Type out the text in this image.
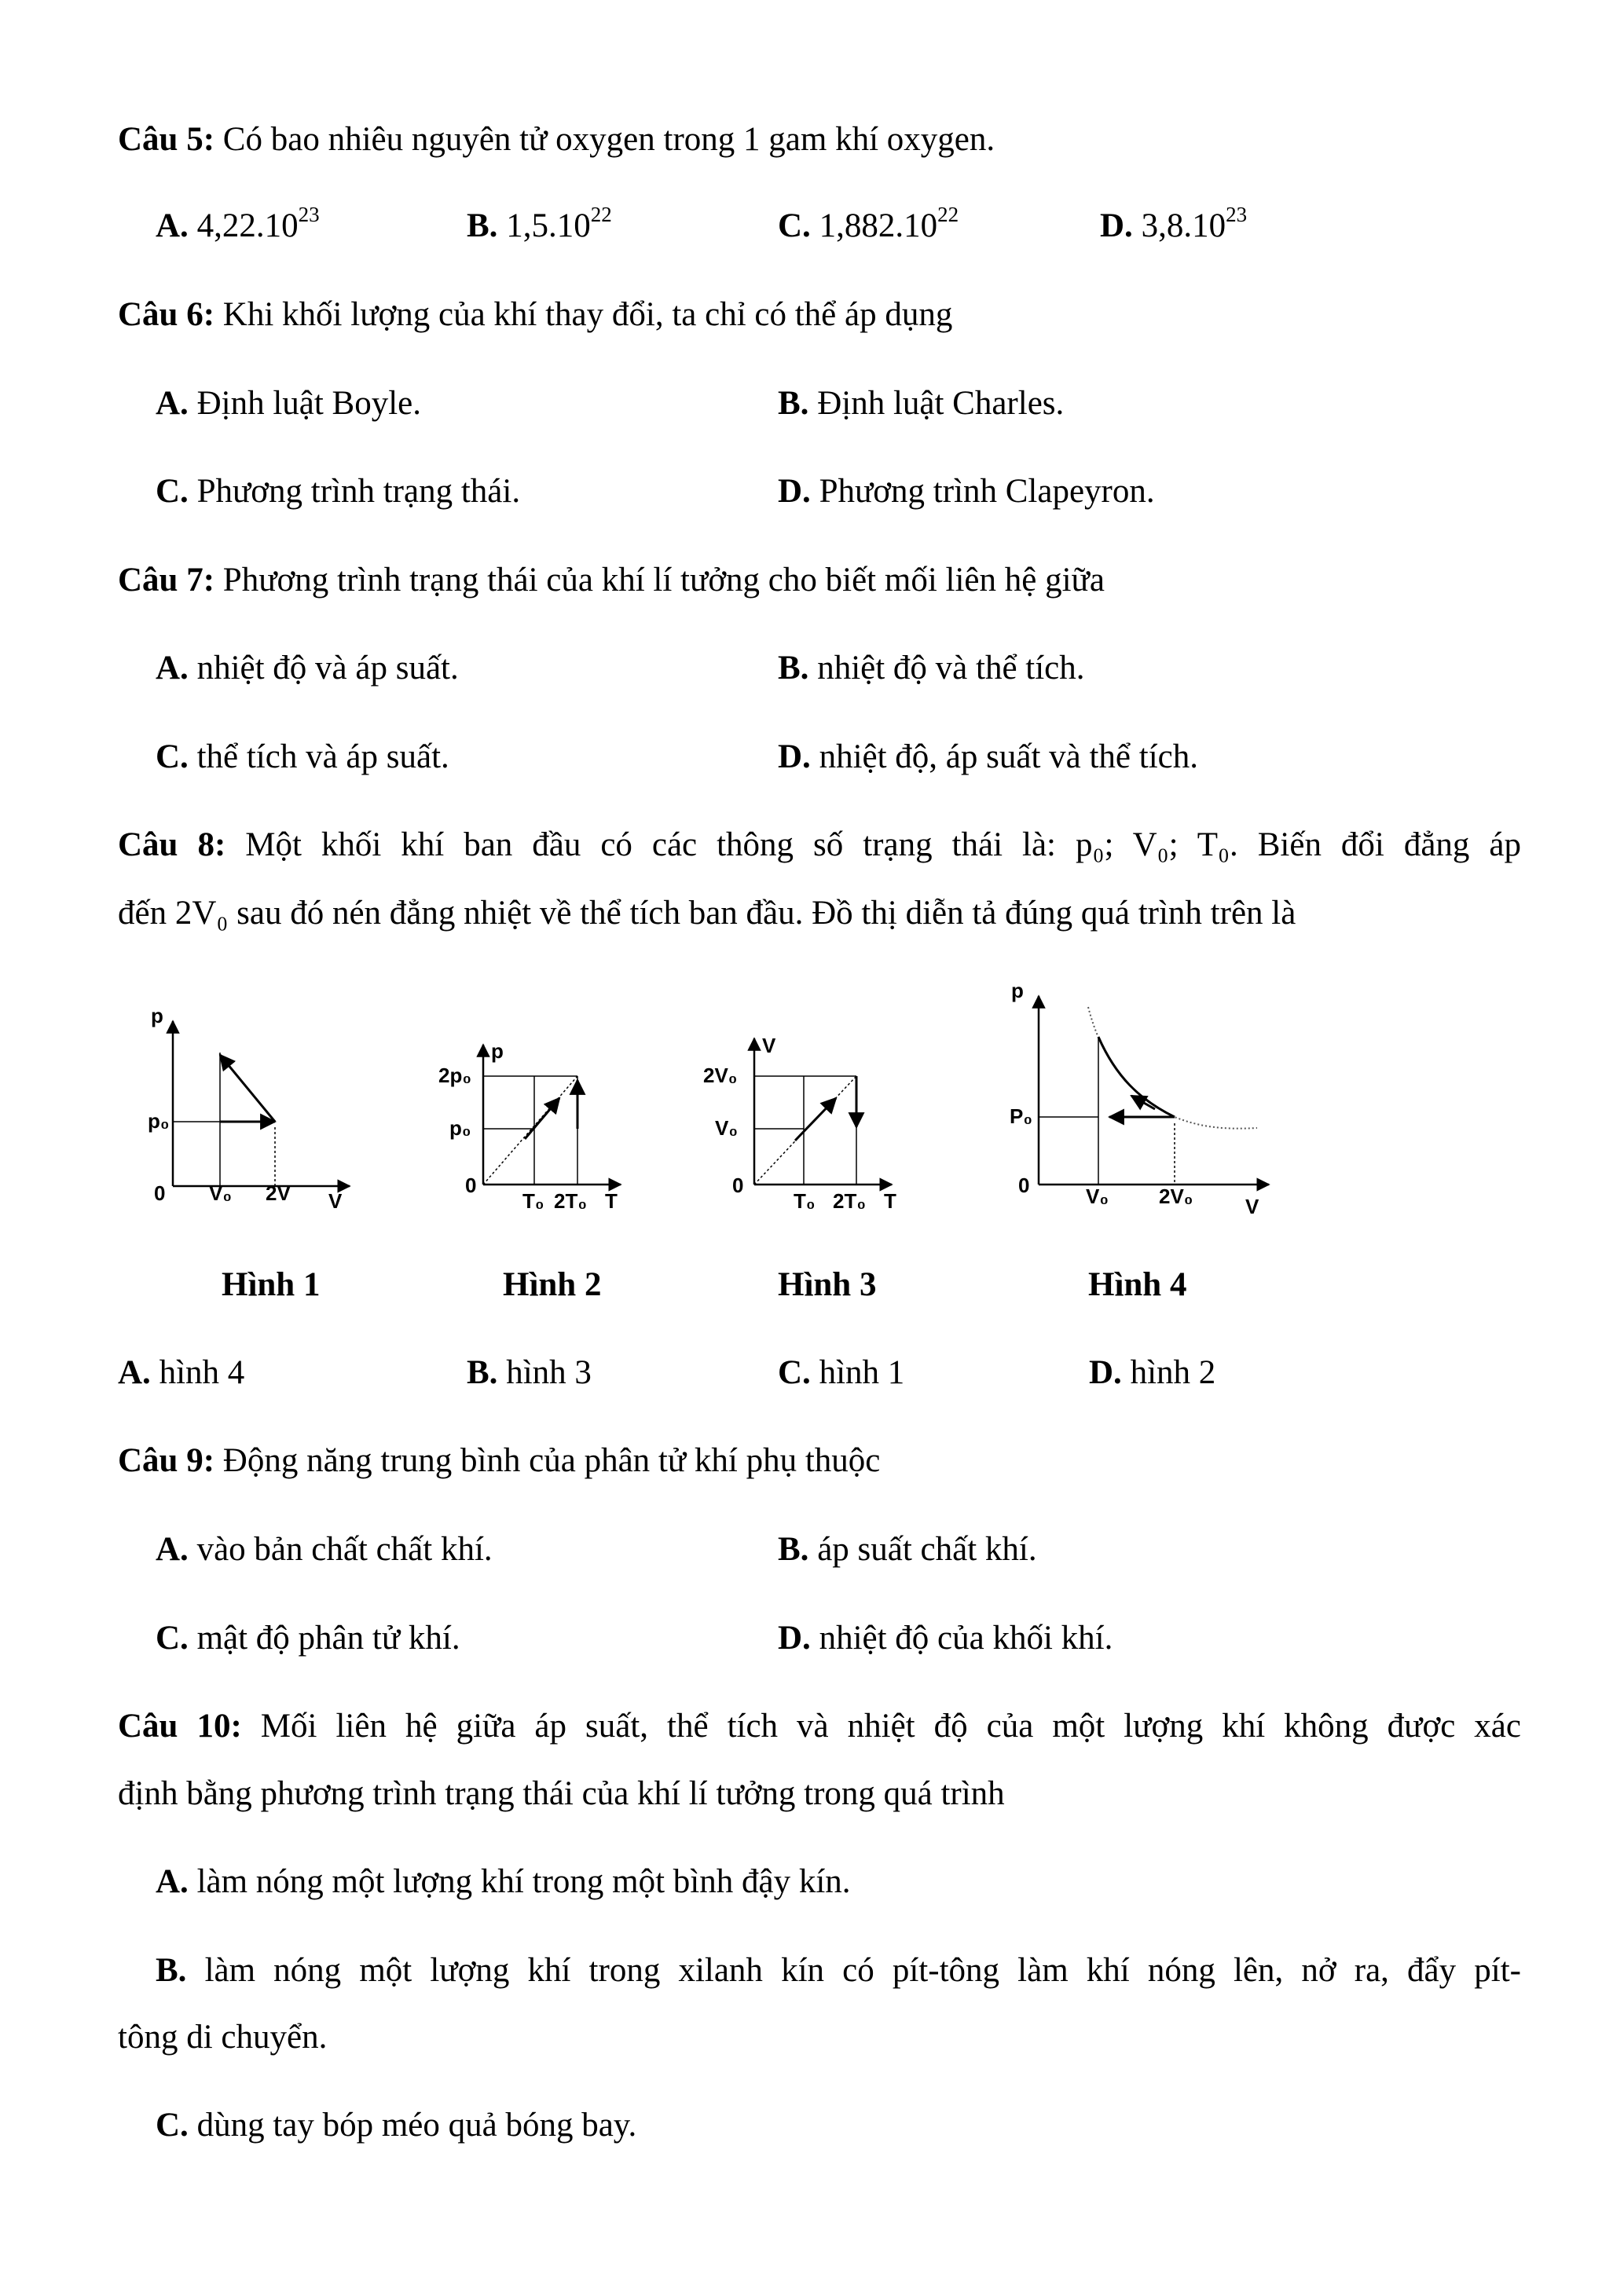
Câu 5: Có bao nhiêu nguyên tử oxygen trong 1 gam khí oxygen.
A. 4,22.10$^{23}$	B. 1,5.10$^{22}$	C. 1,882.10$^{22}$	D. 3,8.10$^{23}$
Câu 6: Khi khối lượng của khí thay đổi, ta chỉ có thể áp dụng
A. Định luật Boyle.	B. Định luật Charles.
C. Phương trình trạng thái.	D. Phương trình Clapeyron.
Câu 7: Phương trình trạng thái của khí lí tưởng cho biết mối liên hệ giữa
A. nhiệt độ và áp suất.	B. nhiệt độ và thể tích.
C. thể tích và áp suất.	D. nhiệt độ, áp suất và thể tích.
Câu 8: Một khối khí ban đầu có các thông số trạng thái là: p₀; V₀; T₀. Biến đổi đẳng áp
đến 2V₀ sau đó nén đẳng nhiệt về thể tích ban đầu. Đồ thị diễn tả đúng quá trình trên là
p
p₀
0 V₀ 2V V
p
2p₀
p₀
0
T₀ 2T₀ T
V
2V₀
V₀
0
T₀ 2T₀ T
p
P₀
0	V₀ 2V₀	V
Hình 1	Hình 2	Hình 3	Hình 4
A. hình 4	B. hình 3	C. hình 1	D. hình 2
Câu 9: Động năng trung bình của phân tử khí phụ thuộc
A. vào bản chất chất khí.	B. áp suất chất khí.
C. mật độ phân tử khí.	D. nhiệt độ của khối khí.
Câu 10: Mối liên hệ giữa áp suất, thể tích và nhiệt độ của một lượng khí không được xác
định bằng phương trình trạng thái của khí lí tưởng trong quá trình
A. làm nóng một lượng khí trong một bình đậy kín.
B. làm nóng một lượng khí trong xilanh kín có pít-tông làm khí nóng lên, nở ra, đẩy pít-
tông di chuyển.
C. dùng tay bóp méo quả bóng bay.
